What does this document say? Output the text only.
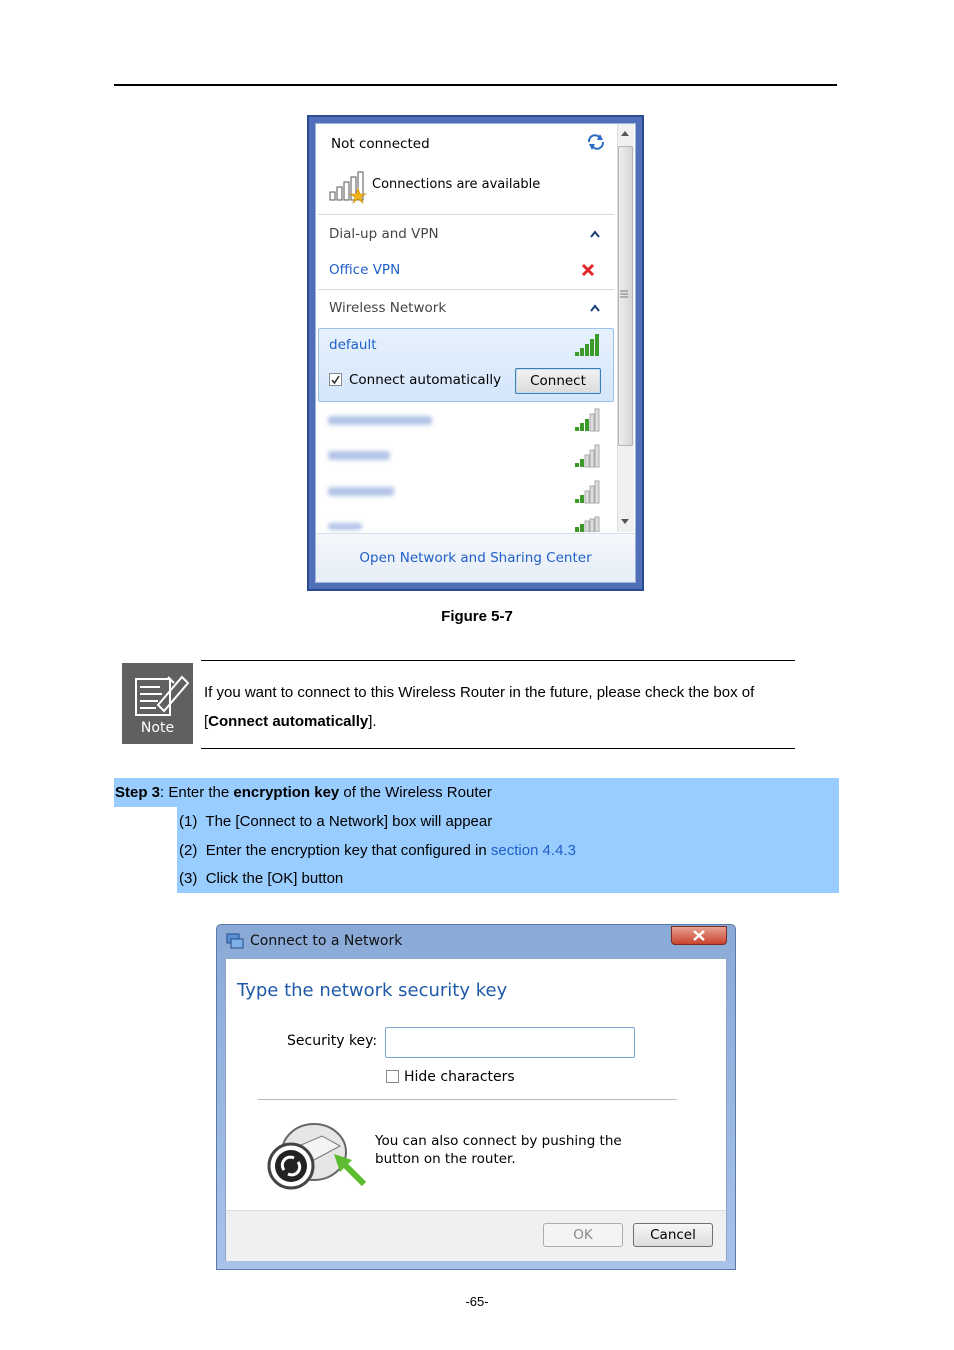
Not connected
Connections are available
Dial-up and VPN
Office VPN
Wireless Network
default
Connect automatically	Connect
Open Network and Sharing Center
Figure 5-7
Note
If you want to connect to this Wireless Router in the future, please check the box of [Connect automatically].
Step 3: Enter the encryption key of the Wireless Router
(1) The [Connect to a Network] box will appear
(2) Enter the encryption key that configured in section 4.4.3
(3) Click the [OK] button
Connect to a Network
Type the network security key
Security key:
Hide characters
You can also connect by pushing the
button on the router.
OK	Cancel
-65-
